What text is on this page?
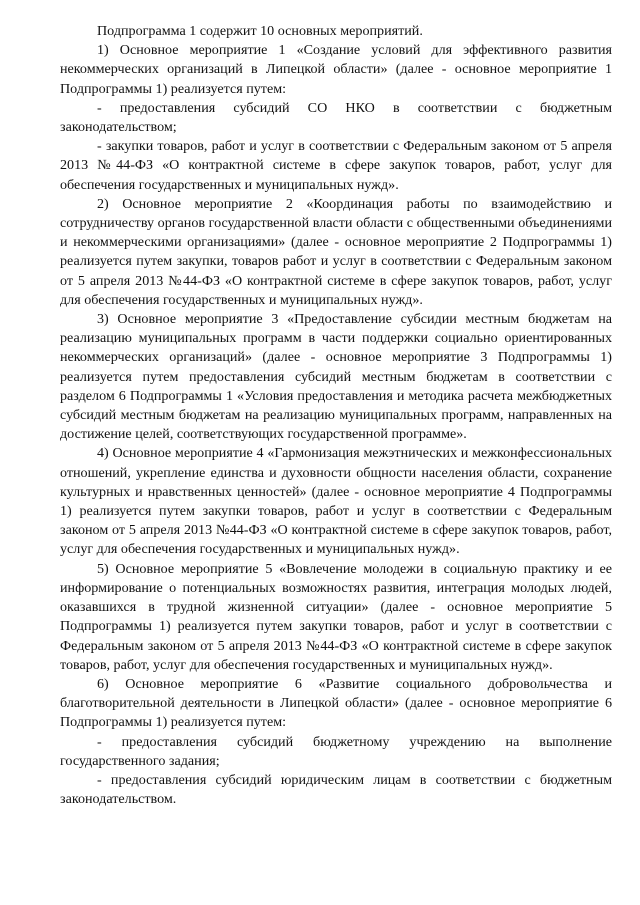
Подпрограмма 1 содержит 10 основных мероприятий.

1) Основное мероприятие 1 «Создание условий для эффективного развития некоммерческих организаций в Липецкой области» (далее - основное мероприятие 1 Подпрограммы 1) реализуется путем:

- предоставления субсидий СО НКО в соответствии с бюджетным законодательством;

- закупки товаров, работ и услуг в соответствии с Федеральным законом от 5 апреля 2013 №44-ФЗ «О контрактной системе в сфере закупок товаров, работ, услуг для обеспечения государственных и муниципальных нужд».

2) Основное мероприятие 2 «Координация работы по взаимодействию и сотрудничеству органов государственной власти области с общественными объединениями и некоммерческими организациями» (далее - основное мероприятие 2 Подпрограммы 1) реализуется путем закупки, товаров работ и услуг в соответствии с Федеральным законом от 5 апреля 2013 №44-ФЗ «О контрактной системе в сфере закупок товаров, работ, услуг для обеспечения государственных и муниципальных нужд».

3) Основное мероприятие 3 «Предоставление субсидии местным бюджетам на реализацию муниципальных программ в части поддержки социально ориентированных некоммерческих организаций» (далее - основное мероприятие 3 Подпрограммы 1) реализуется путем предоставления субсидий местным бюджетам в соответствии с разделом 6 Подпрограммы 1 «Условия предоставления и методика расчета межбюджетных субсидий местным бюджетам на реализацию муниципальных программ, направленных на достижение целей, соответствующих государственной программе».

4) Основное мероприятие 4 «Гармонизация межэтнических и межконфессиональных отношений, укрепление единства и духовности общности населения области, сохранение культурных и нравственных ценностей» (далее - основное мероприятие 4 Подпрограммы 1) реализуется путем закупки товаров, работ и услуг в соответствии с Федеральным законом от 5 апреля 2013 №44-ФЗ «О контрактной системе в сфере закупок товаров, работ, услуг для обеспечения государственных и муниципальных нужд».

5) Основное мероприятие 5 «Вовлечение молодежи в социальную практику и ее информирование о потенциальных возможностях развития, интеграция молодых людей, оказавшихся в трудной жизненной ситуации» (далее - основное мероприятие 5 Подпрограммы 1) реализуется путем закупки товаров, работ и услуг в соответствии с Федеральным законом от 5 апреля 2013 №44-ФЗ «О контрактной системе в сфере закупок товаров, работ, услуг для обеспечения государственных и муниципальных нужд».

6) Основное мероприятие 6 «Развитие социального добровольчества и благотворительной деятельности в Липецкой области» (далее - основное мероприятие 6 Подпрограммы 1) реализуется путем:

- предоставления субсидий бюджетному учреждению на выполнение государственного задания;

- предоставления субсидий юридическим лицам в соответствии с бюджетным законодательством.
